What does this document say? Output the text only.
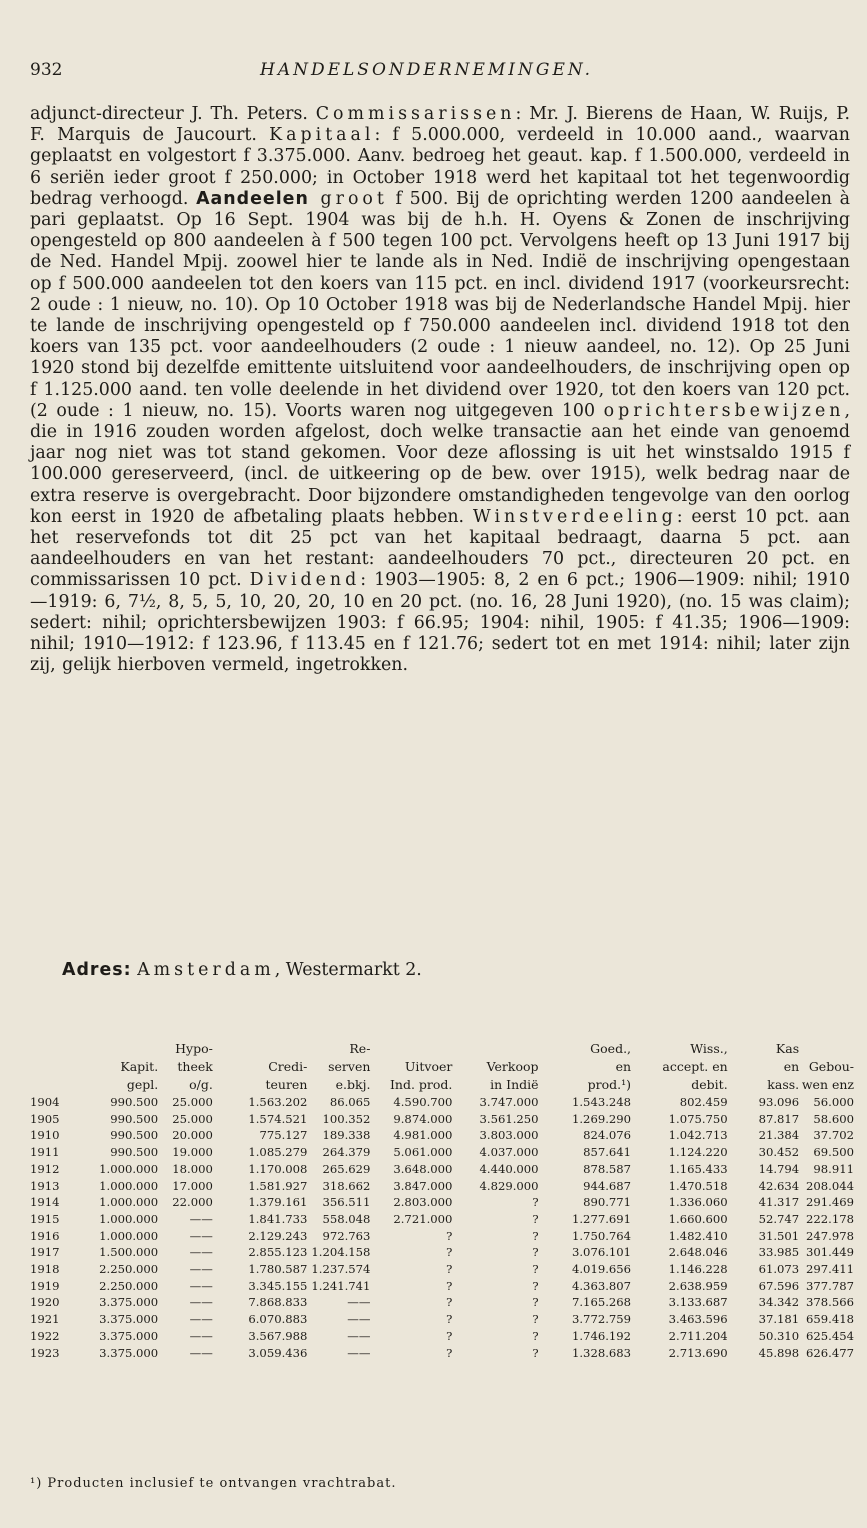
932	HANDELSONDERNEMINGEN.

adjunct-directeur J. Th. Peters. Commissarissen: Mr. J. Bierens de Haan, W. Ruijs, P. F. Marquis de Jaucourt. Kapitaal: f 5.000.000, verdeeld in 10.000 aand., waarvan geplaatst en volgestort f 3.375.000. Aanv. bedroeg het geaut. kap. f 1.500.000, verdeeld in 6 seriën ieder groot f 250.000; in October 1918 werd het kapitaal tot het tegenwoordig bedrag verhoogd. Aandeelen groot f 500. Bij de oprichting werden 1200 aandeelen à pari geplaatst. Op 16 Sept. 1904 was bij de h.h. H. Oyens & Zonen de inschrijving opengesteld op 800 aandeelen à f 500 tegen 100 pct. Vervolgens heeft op 13 Juni 1917 bij de Ned. Handel Mpij. zoowel hier te lande als in Ned. Indië de inschrijving opengestaan op f 500.000 aandeelen tot den koers van 115 pct. en incl. dividend 1917 (voorkeursrecht: 2 oude : 1 nieuw, no. 10). Op 10 October 1918 was bij de Nederlandsche Handel Mpij. hier te lande de inschrijving opengesteld op f 750.000 aandeelen incl. dividend 1918 tot den koers van 135 pct. voor aandeelhouders (2 oude : 1 nieuw aandeel, no. 12). Op 25 Juni 1920 stond bij dezelfde emittente uitsluitend voor aandeelhouders, de inschrijving open op f 1.125.000 aand. ten volle deelende in het dividend over 1920, tot den koers van 120 pct. (2 oude : 1 nieuw, no. 15). Voorts waren nog uitgegeven 100 oprichtersbewijzen, die in 1916 zouden worden afgelost, doch welke transactie aan het einde van genoemd jaar nog niet was tot stand gekomen. Voor deze aflossing is uit het winstsaldo 1915 f 100.000 gereserveerd, (incl. de uitkeering op de bew. over 1915), welk bedrag naar de extra reserve is overgebracht. Door bijzondere omstandigheden tengevolge van den oorlog kon eerst in 1920 de afbetaling plaats hebben. Winstverdeeling: eerst 10 pct. aan het reservefonds tot dit 25 pct van het kapitaal bedraagt, daarna 5 pct. aan aandeelhouders en van het restant: aandeelhouders 70 pct., directeuren 20 pct. en commissarissen 10 pct. Dividend: 1903—1905: 8, 2 en 6 pct.; 1906—1909: nihil; 1910—1919: 6, 7½, 8, 5, 5, 10, 20, 20, 10 en 20 pct. (no. 16, 28 Juni 1920), (no. 15 was claim); sedert: nihil; oprichtersbewijzen 1903: f 66.95; 1904: nihil, 1905: f 41.35; 1906—1909: nihil; 1910—1912: f 123.96, f 113.45 en f 121.76; sedert tot en met 1914: nihil; later zijn zij, gelijk hierboven vermeld, ingetrokken.

Adres: Amsterdam, Westermarkt 2.
		Hypo-		Re-			Goed.,	Wiss.,	Kas	
	Kapit.	theek	Credi-	serven	Uitvoer	Verkoop	en	accept. en	en	Gebou-
	gepl.	o/g.	teuren	e.bkj.	Ind. prod.	in Indië	prod.¹)	debit.	kass.	wen enz
1904	990.500	25.000	1.563.202	86.065	4.590.700	3.747.000	1.543.248	802.459	93.096	56.000
1905	990.500	25.000	1.574.521	100.352	9.874.000	3.561.250	1.269.290	1.075.750	87.817	58.600
1910	990.500	20.000	775.127	189.338	4.981.000	3.803.000	824.076	1.042.713	21.384	37.702
1911	990.500	19.000	1.085.279	264.379	5.061.000	4.037.000	857.641	1.124.220	30.452	69.500
1912	1.000.000	18.000	1.170.008	265.629	3.648.000	4.440.000	878.587	1.165.433	14.794	98.911
1913	1.000.000	17.000	1.581.927	318.662	3.847.000	4.829.000	944.687	1.470.518	42.634	208.044
1914	1.000.000	22.000	1.379.161	356.511	2.803.000	?	890.771	1.336.060	41.317	291.469
1915	1.000.000	——	1.841.733	558.048	2.721.000	?	1.277.691	1.660.600	52.747	222.178
1916	1.000.000	——	2.129.243	972.763	?	?	1.750.764	1.482.410	31.501	247.978
1917	1.500.000	——	2.855.123	1.204.158	?	?	3.076.101	2.648.046	33.985	301.449
1918	2.250.000	——	1.780.587	1.237.574	?	?	4.019.656	1.146.228	61.073	297.411
1919	2.250.000	——	3.345.155	1.241.741	?	?	4.363.807	2.638.959	67.596	377.787
1920	3.375.000	——	7.868.833	——	?	?	7.165.268	3.133.687	34.342	378.566
1921	3.375.000	——	6.070.883	——	?	?	3.772.759	3.463.596	37.181	659.418
1922	3.375.000	——	3.567.988	——	?	?	1.746.192	2.711.204	50.310	625.454
1923	3.375.000	——	3.059.436	——	?	?	1.328.683	2.713.690	45.898	626.477
¹) Producten inclusief te ontvangen vrachtrabat.
